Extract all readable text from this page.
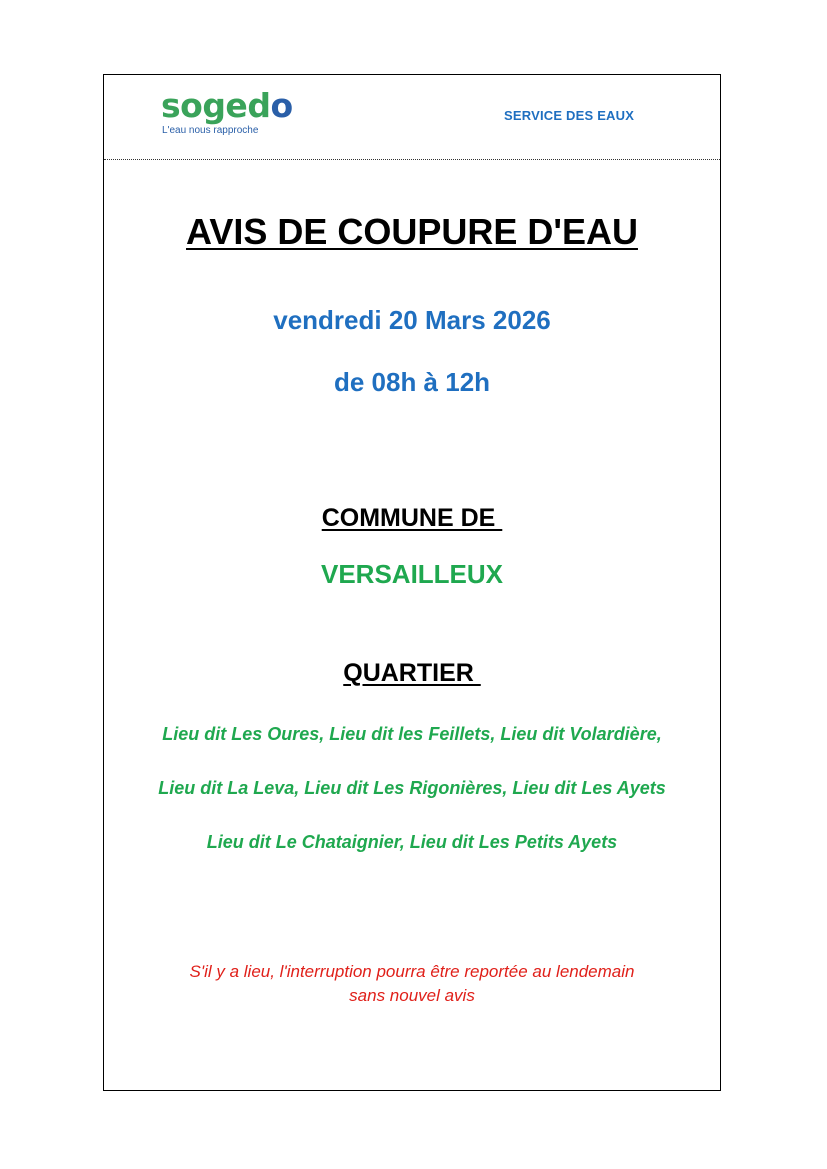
sogedo
L'eau nous rapproche
SERVICE DES EAUX
AVIS DE COUPURE D'EAU
vendredi 20 Mars 2026
de 08h à 12h
COMMUNE DE
VERSAILLEUX
QUARTIER
Lieu dit Les Oures, Lieu dit les Feillets, Lieu dit Volardière,
Lieu dit La Leva, Lieu dit Les Rigonières, Lieu dit Les Ayets
Lieu dit Le Chataignier, Lieu dit Les Petits Ayets
S'il y a lieu, l'interruption pourra être reportée au lendemain
sans nouvel avis
